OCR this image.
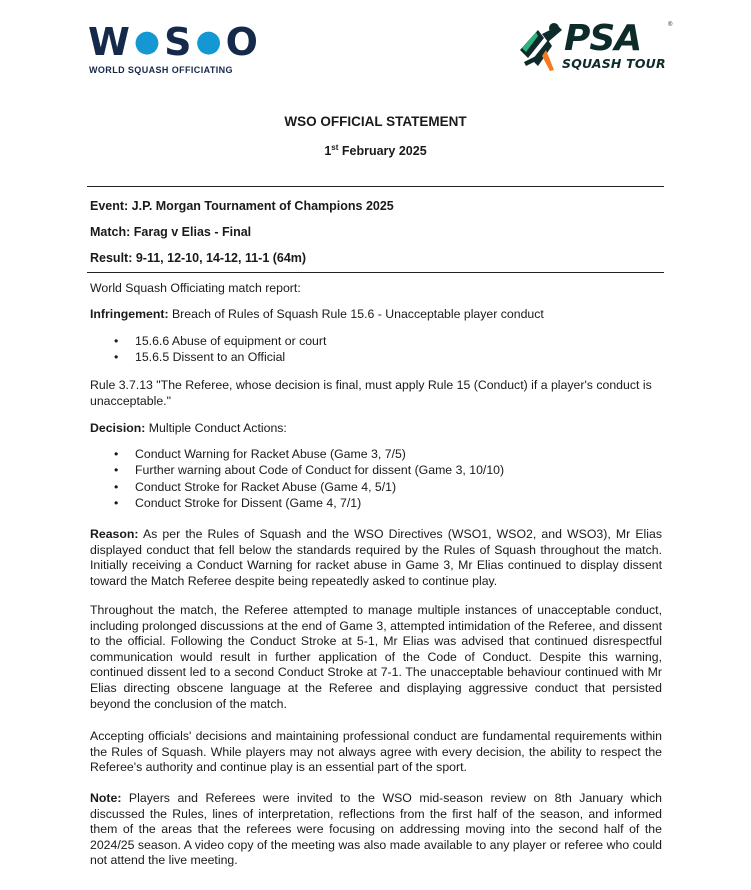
W ●S ●O
WORLD SQUASH OFFICIATING
PSA	®
SQUASH TOUR
WSO OFFICIAL STATEMENT
1st February 2025
Event: J.P. Morgan Tournament of Champions 2025
Match: Farag v Elias - Final
Result: 9-11, 12-10, 14-12, 11-1 (64m)
World Squash Officiating match report:
Infringement: Breach of Rules of Squash Rule 15.6 - Unacceptable player conduct
• 15.6.6 Abuse of equipment or court
• 15.6.5 Dissent to an Official
Rule 3.7.13 "The Referee, whose decision is final, must apply Rule 15 (Conduct) if a player's conduct is unacceptable."
Decision: Multiple Conduct Actions:
• Conduct Warning for Racket Abuse (Game 3, 7/5)
• Further warning about Code of Conduct for dissent (Game 3, 10/10)
• Conduct Stroke for Racket Abuse (Game 4, 5/1)
• Conduct Stroke for Dissent (Game 4, 7/1)
Reason: As per the Rules of Squash and the WSO Directives (WSO1, WSO2, and WSO3), Mr Elias displayed conduct that fell below the standards required by the Rules of Squash throughout the match. Initially receiving a Conduct Warning for racket abuse in Game 3, Mr Elias continued to display dissent toward the Match Referee despite being repeatedly asked to continue play.
Throughout the match, the Referee attempted to manage multiple instances of unacceptable conduct, including prolonged discussions at the end of Game 3, attempted intimidation of the Referee, and dissent to the official. Following the Conduct Stroke at 5-1, Mr Elias was advised that continued disrespectful communication would result in further application of the Code of Conduct. Despite this warning, continued dissent led to a second Conduct Stroke at 7-1. The unacceptable behaviour continued with Mr Elias directing obscene language at the Referee and displaying aggressive conduct that persisted beyond the conclusion of the match.
Accepting officials' decisions and maintaining professional conduct are fundamental requirements within the Rules of Squash. While players may not always agree with every decision, the ability to respect the Referee's authority and continue play is an essential part of the sport.
Note: Players and Referees were invited to the WSO mid-season review on 8th January which discussed the Rules, lines of interpretation, reflections from the first half of the season, and informed them of the areas that the referees were focusing on addressing moving into the second half of the 2024/25 season. A video copy of the meeting was also made available to any player or referee who could not attend the live meeting.
